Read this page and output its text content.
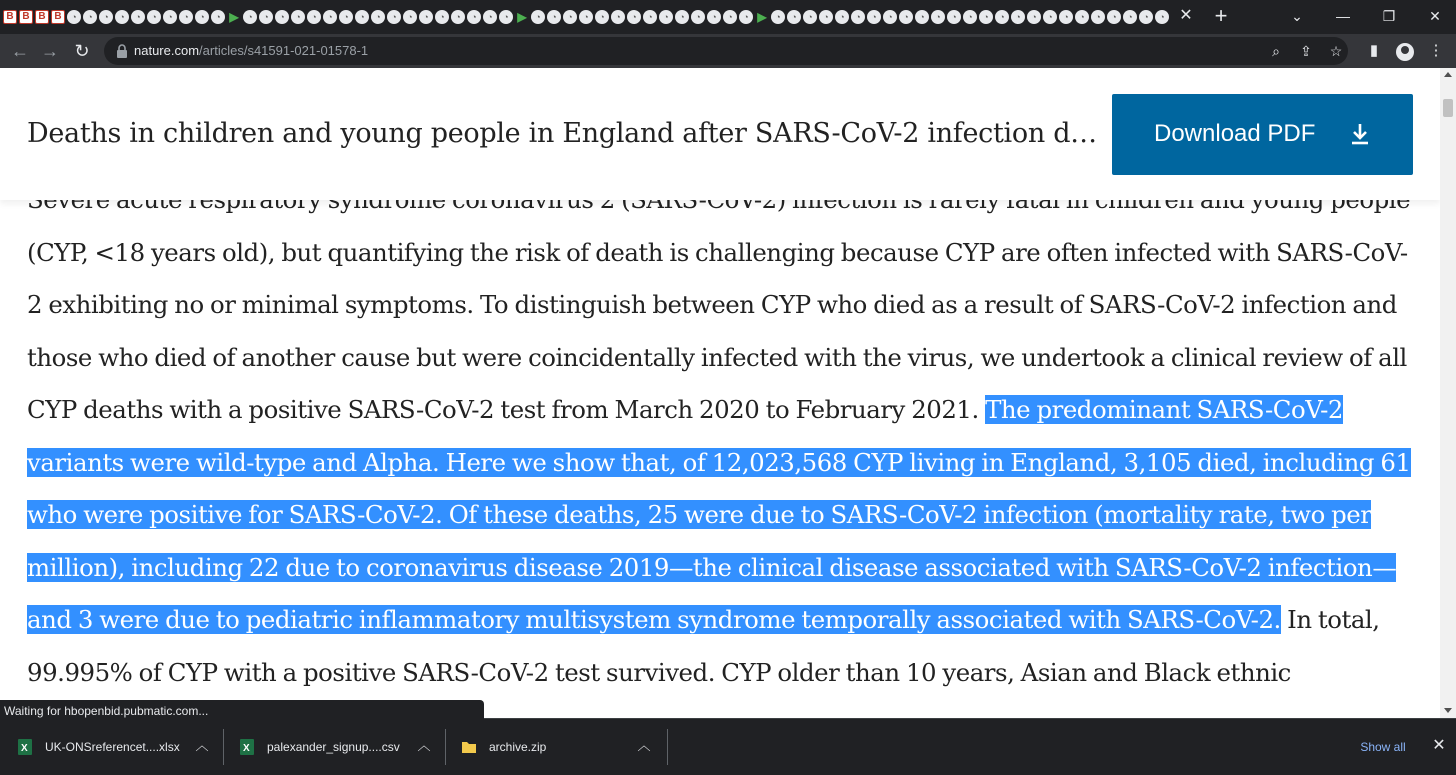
B B B B ◔ ◔ ◔ ◔ ◔ ◔ ◔ ◔ ◔ ◔ ▶ ◔ ◔ ◔ ◔ ◔ ◔ ◔ ◔ ◔ ◔ ◔ ◔ ◔ ◔ ◔ ◔ ◔ ▶ ◔ ◔ ◔ ◔ ◔ ◔ ◔ ◔ ◔ ◔ ◔ ◔ ◔ ◔ ▶ ◔ ◔ ◔ ◔ ◔ ◔ ◔ ◔ ◔ ◔ ◔ ◔ ◔ ◔ ◔ ◔ ◔ ◔ ◔ ◔ ◔ ◔ ◔ ◔ ◔ ✕ +	⌄	—	❐	✕
← → ↻	nature.com/articles/s41591-021-01578-1	⌕	⇪ ☆	▮	⋮
Deaths in children and young people in England after SARS-CoV-2 infection d… Download PDF
(CYP, <18 years old), but quantifying the risk of death is challenging because CYP are often infected with SARS-CoV-2 exhibiting no or minimal symptoms. To distinguish between CYP who died as a result of SARS-CoV-2 infection and those who died of another cause but were coincidentally infected with the virus, we undertook a clinical review of all CYP deaths with a positive SARS-CoV-2 test from March 2020 to February 2021. The predominant SARS-CoV-2 variants were wild-type and Alpha. Here we show that, of 12,023,568 CYP living in England, 3,105 died, including 61 who were positive for SARS-CoV-2. Of these deaths, 25 were due to SARS-CoV-2 infection (mortality rate, two per million), including 22 due to coronavirus disease 2019—the clinical disease associated with SARS-CoV-2 infection—and 3 were due to pediatric inflammatory multisystem syndrome temporally associated with SARS-CoV-2. In total, 99.995% of CYP with a positive SARS-CoV-2 test survived. CYP older than 10 years, Asian and Black ethnic
Waiting for hbopenbid.pubmatic.com...
X UK-ONSreferencet....xlsx ︿	X palexander_signup....csv ︿	archive.zip	︿	Show all	✕
